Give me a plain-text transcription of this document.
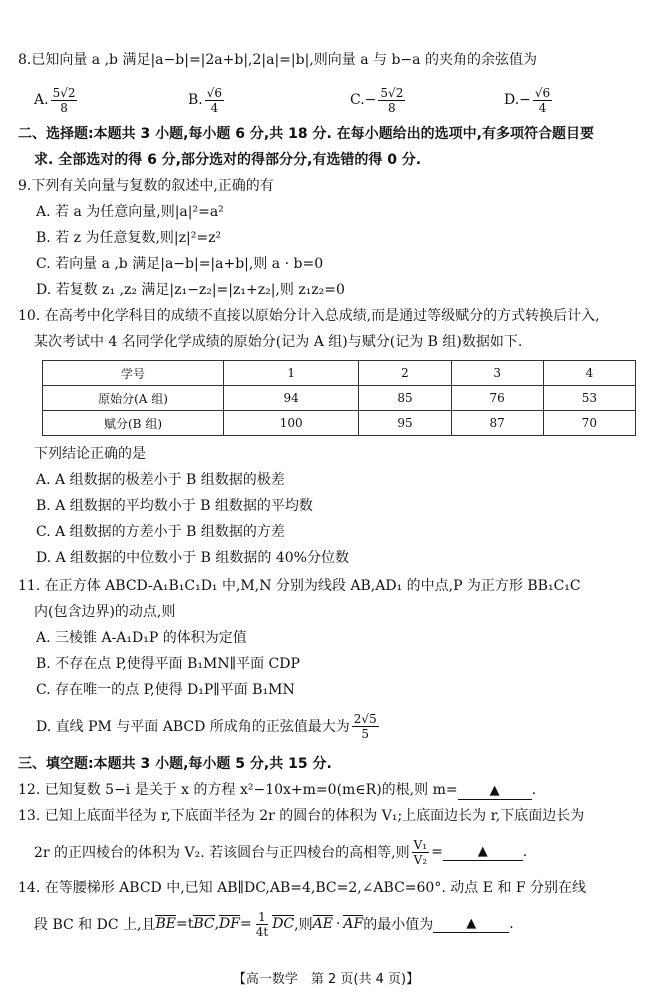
8.已知向量 a ,b 满足|a−b|=|2a+b|,2|a|=|b|,则向量 a 与 b−a 的夹角的余弦值为
A. $\frac{5√2}{8}$	B. $\frac{√6}{4}$	$C.- \frac{5√2}{8}$	$D.- \frac{√6}{4}$
二、选择题:本题共 3 小题,每小题 6 分,共 18 分. 在每小题给出的选项中,有多项符合题目要
求. 全部选对的得 6 分,部分选对的得部分分,有选错的得 0 分.
9.下列有关向量与复数的叙述中,正确的有
A. 若 a 为任意向量,则|a|²=a²
B. 若 z 为任意复数,则|z|²=z²
C. 若向量 a ,b 满足|a−b|=|a+b|,则 a · b=0
D. 若复数 z₁ ,z₂ 满足|z₁−z₂|=|z₁+z₂|,则 z₁z₂=0
10. 在高考中化学科目的成绩不直接以原始分计入总成绩,而是通过等级赋分的方式转换后计入,
某次考试中 4 名同学化学成绩的原始分(记为 A 组)与赋分(记为 B 组)数据如下.
学号	1	2	3	4
原始分(A 组)	94	85	76	53
赋分(B 组)	100	95	87	70
下列结论正确的是
A. A 组数据的极差小于 B 组数据的极差
B. A 组数据的平均数小于 B 组数据的平均数
C. A 组数据的方差小于 B 组数据的方差
D. A 组数据的中位数小于 B 组数据的 40%分位数
11. 在正方体 ABCD-A₁B₁C₁D₁ 中,M,N 分别为线段 AB,AD₁ 的中点,P 为正方形 BB₁C₁C
内(包含边界)的动点,则
A. 三棱锥 A-A₁D₁P 的体积为定值
B. 不存在点 P,使得平面 B₁MN∥平面 CDP
C. 存在唯一的点 P,使得 D₁P∥平面 B₁MN
D. 直线 PM 与平面 ABCD 所成角的正弦值最大为 $\frac{2√5}{5}$
三、填空题:本题共 3 小题,每小题 5 分,共 15 分.
12. 已知复数 5−i 是关于 x 的方程 x²−10x+m=0(m∈R)的根,则 m= ▲ .
13. 已知上底面半径为 r,下底面半径为 2r 的圆台的体积为 V₁;上底面边长为 r,下底面边长为
2r 的正四棱台的体积为 V₂. 若该圆台与正四棱台的高相等,则 $\frac{\text{V₁}}{\text{V₂}}$ =	▲	.
14. 在等腰梯形 ABCD 中,已知 AB∥DC,AB=4,BC=2,∠ABC=60°. 动点 E 和 F 分别在线
段 BC 和 DC 上,且 BE =t BC , DF = $\frac{1}{4t}$ DC ,则 AE · AF 的最小值为	▲	.
【高一数学　第 2 页(共 4 页)】
